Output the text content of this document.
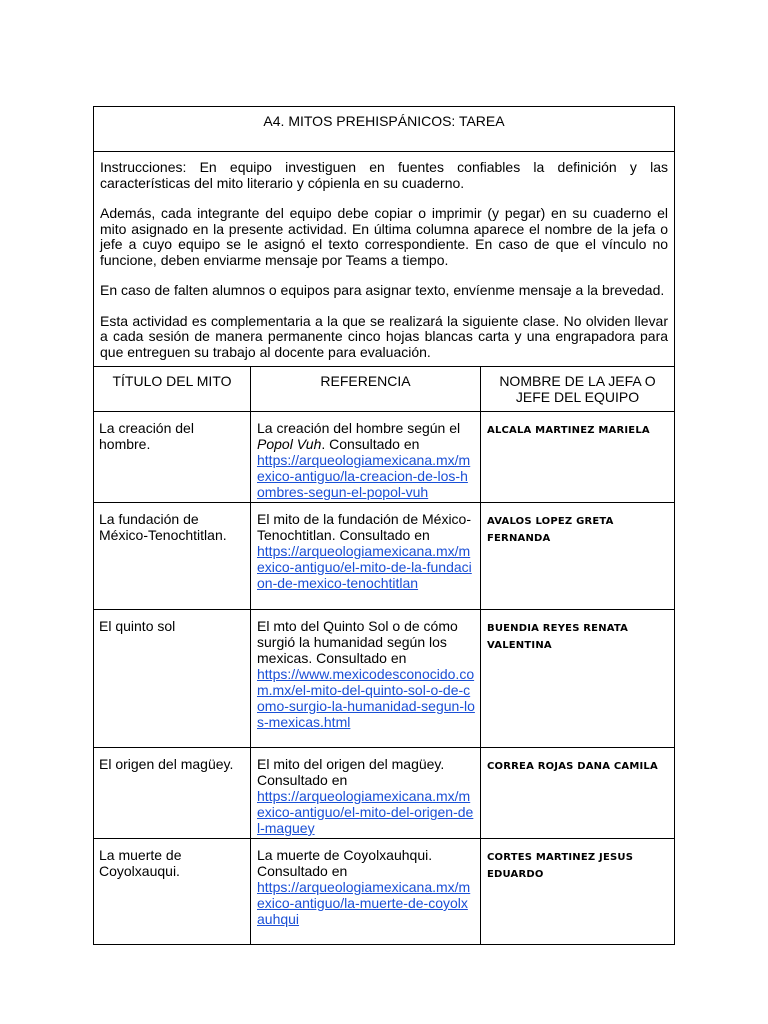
A4. MITOS PREHISPÁNICOS: TAREA		

Instrucciones: En equipo investiguen en fuentes confiables la definición y las características del mito literario y cópienla en su cuaderno.

Además, cada integrante del equipo debe copiar o imprimir (y pegar) en su cuaderno el mito asignado en la presente actividad. En última columna aparece el nombre de la jefa o jefe a cuyo equipo se le asignó el texto correspondiente. En caso de que el vínculo no funcione, deben enviarme mensaje por Teams a tiempo.

En caso de falten alumnos o equipos para asignar texto, envíenme mensaje a la brevedad.

Esta actividad es complementaria a la que se realizará la siguiente clase. No olviden llevar a cada sesión de manera permanente cinco hojas blancas carta y una engrapadora para que entreguen su trabajo al docente para evaluación.		

TÍTULO DEL MITO	REFERENCIA	NOMBRE DE LA JEFA O JEFE DEL EQUIPO
La creación del hombre.	La creación del hombre según el Popol Vuh. Consultado en
https://arqueologiamexicana.mx/mexico-antiguo/la-creacion-de-los-hombres-segun-el-popol-vuh	ALCALA MARTINEZ MARIELA
La fundación de México-Tenochtitlan.	El mito de la fundación de México-Tenochtitlan. Consultado en
https://arqueologiamexicana.mx/mexico-antiguo/el-mito-de-la-fundacion-de-mexico-tenochtitlan	AVALOS LOPEZ GRETA FERNANDA
El quinto sol	El mto del Quinto Sol o de cómo surgió la humanidad según los mexicas. Consultado en
https://www.mexicodesconocido.com.mx/el-mito-del-quinto-sol-o-de-como-surgio-la-humanidad-segun-los-mexicas.html	BUENDIA REYES RENATA VALENTINA
El origen del magüey.	El mito del origen del magüey. Consultado en
https://arqueologiamexicana.mx/mexico-antiguo/el-mito-del-origen-del-maguey	CORREA ROJAS DANA CAMILA
La muerte de Coyolxauqui.	La muerte de Coyolxauhqui. Consultado en
https://arqueologiamexicana.mx/mexico-antiguo/la-muerte-de-coyolxauhqui	CORTES MARTINEZ JESUS EDUARDO
